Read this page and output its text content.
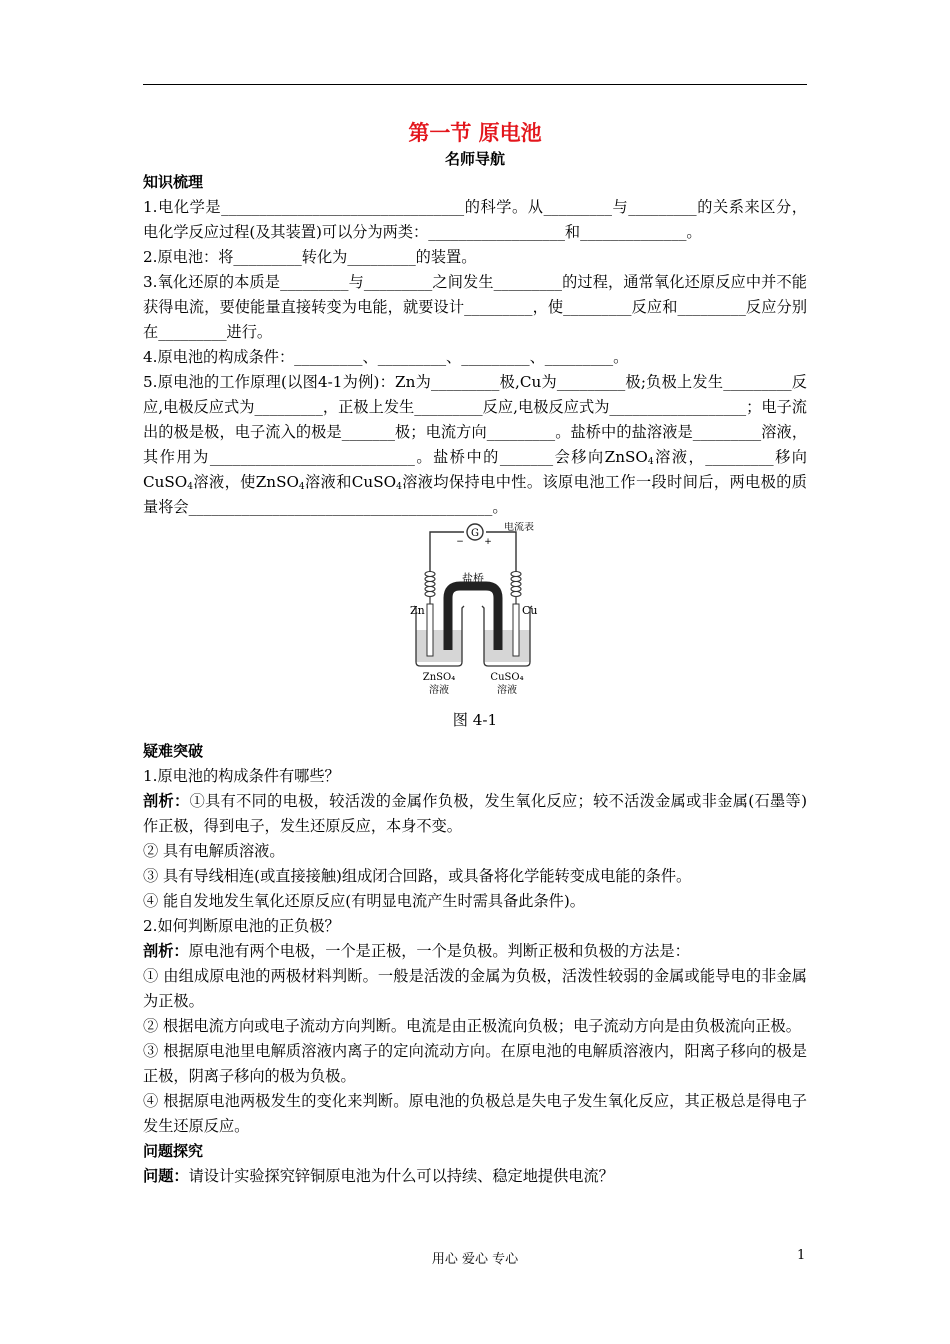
第一节 原电池
名师导航
知识梳理

1.电化学是________________________________的科学。从_________与_________的关系来区分，电化学反应过程(及其装置)可以分为两类：__________________和______________。

2.原电池：将_________转化为_________的装置。

3.氧化还原的本质是_________与_________之间发生_________的过程，通常氧化还原反应中并不能获得电流，要使能量直接转变为电能，就要设计_________，使_________反应和_________反应分别在_________进行。

4.原电池的构成条件：_________、_________、_________、_________。

5.原电池的工作原理(以图4-1为例)：Zn为_________极,Cu为_________极;负极上发生_________反应,电极反应式为_________，正极上发生_________反应,电极反应式为__________________；电子流出的极是极，电子流入的极是_______极；电流方向_________。盐桥中的盐溶液是_________溶液，其作用为___________________________。盐桥中的_______会移向ZnSO$_4$溶液，_________移向CuSO$_4$溶液，使ZnSO$_4$溶液和CuSO$_4$溶液均保持电中性。该原电池工作一段时间后，两电极的质量将会________________________________________。

G
− +
电流表
盐桥
Zn	Cu
ZnSO₄
溶液
CuSO₄
溶液
图 4-1
疑难突破

1.原电池的构成条件有哪些？

剖析：①具有不同的电极，较活泼的金属作负极，发生氧化反应；较不活泼金属或非金属(石墨等)作正极，得到电子，发生还原反应，本身不变。

② 具有电解质溶液。

③ 具有导线相连(或直接接触)组成闭合回路，或具备将化学能转变成电能的条件。

④ 能自发地发生氧化还原反应(有明显电流产生时需具备此条件)。

2.如何判断原电池的正负极？

剖析：原电池有两个电极，一个是正极，一个是负极。判断正极和负极的方法是：

① 由组成原电池的两极材料判断。一般是活泼的金属为负极，活泼性较弱的金属或能导电的非金属为正极。

② 根据电流方向或电子流动方向判断。电流是由正极流向负极；电子流动方向是由负极流向正极。

③ 根据原电池里电解质溶液内离子的定向流动方向。在原电池的电解质溶液内，阳离子移向的极是正极，阴离子移向的极为负极。

④ 根据原电池两极发生的变化来判断。原电池的负极总是失电子发生氧化反应，其正极总是得电子发生还原反应。

问题探究

问题：请设计实验探究锌铜原电池为什么可以持续、稳定地提供电流？

用心 爱心 专心	1
